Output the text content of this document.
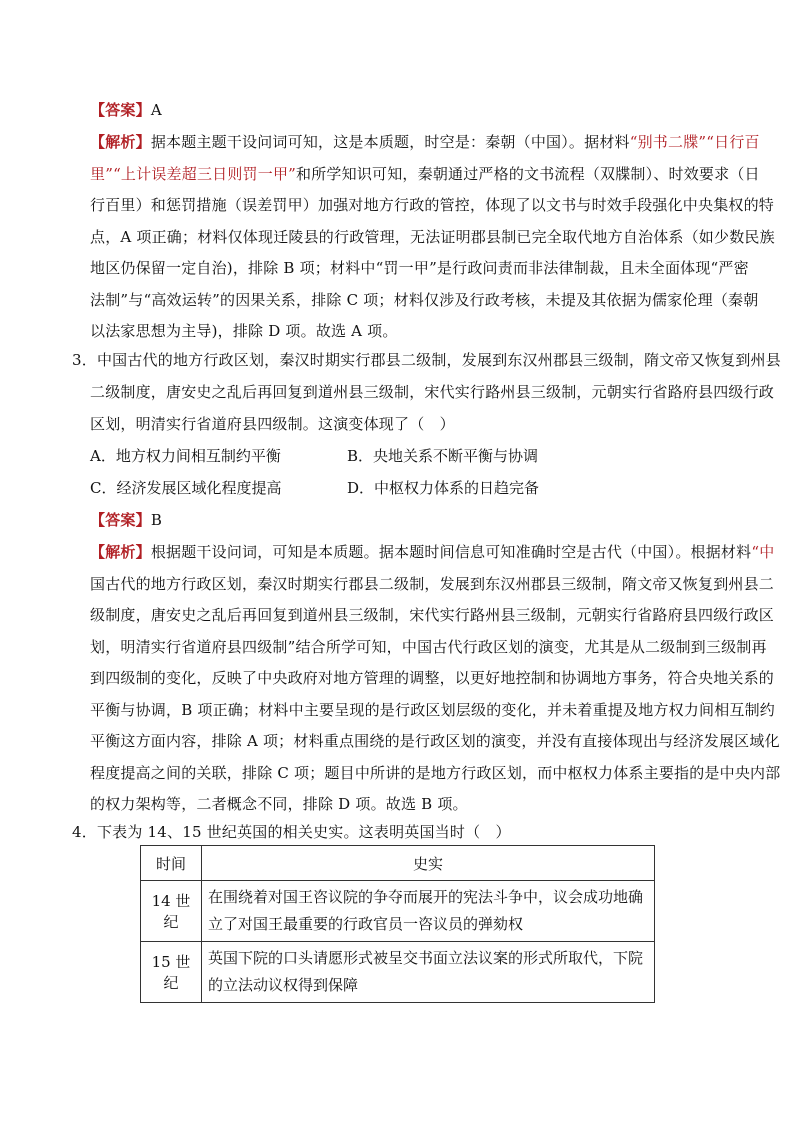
【答案】A
【解析】据本题主题干设问词可知，这是本质题，时空是：秦朝（中国）。据材料“别书二牒”“日行百
里”“上计误差超三日则罚一甲”和所学知识可知，秦朝通过严格的文书流程（双牒制）、时效要求（日
行百里）和惩罚措施（误差罚甲）加强对地方行政的管控，体现了以文书与时效手段强化中央集权的特
点，A 项正确；材料仅体现迁陵县的行政管理，无法证明郡县制已完全取代地方自治体系（如少数民族
地区仍保留一定自治)，排除 B 项；材料中“罚一甲”是行政问责而非法律制裁，且未全面体现“严密
法制”与“高效运转”的因果关系，排除 C 项；材料仅涉及行政考核，未提及其依据为儒家伦理（秦朝
以法家思想为主导)，排除 D 项。故选 A 项。
3．中国古代的地方行政区划，秦汉时期实行郡县二级制，发展到东汉州郡县三级制，隋文帝又恢复到州县
二级制度，唐安史之乱后再回复到道州县三级制，宋代实行路州县三级制，元朝实行省路府县四级行政
区划，明清实行省道府县四级制。这演变体现了（　）
A．地方权力间相互制约平衡	B．央地关系不断平衡与协调
C．经济发展区域化程度提高	D．中枢权力体系的日趋完备
【答案】B
【解析】根据题干设问词，可知是本质题。据本题时间信息可知准确时空是古代（中国）。根据材料“中
国古代的地方行政区划，秦汉时期实行郡县二级制，发展到东汉州郡县三级制，隋文帝又恢复到州县二
级制度，唐安史之乱后再回复到道州县三级制，宋代实行路州县三级制，元朝实行省路府县四级行政区
划，明清实行省道府县四级制”结合所学可知，中国古代行政区划的演变，尤其是从二级制到三级制再
到四级制的变化，反映了中央政府对地方管理的调整，以更好地控制和协调地方事务，符合央地关系的
平衡与协调，B 项正确；材料中主要呈现的是行政区划层级的变化，并未着重提及地方权力间相互制约
平衡这方面内容，排除 A 项；材料重点围绕的是行政区划的演变，并没有直接体现出与经济发展区域化
程度提高之间的关联，排除 C 项；题目中所讲的是地方行政区划，而中枢权力体系主要指的是中央内部
的权力架构等，二者概念不同，排除 D 项。故选 B 项。
4．下表为 14、15 世纪英国的相关史实。这表明英国当时（　）
时间	史实
14 世纪	在围绕着对国王咨议院的争夺而展开的宪法斗争中，议会成功地确立了对国王最重要的行政官员一咨议员的弹劾权
15 世纪	英国下院的口头请愿形式被呈交书面立法议案的形式所取代，下院的立法动议权得到保障
